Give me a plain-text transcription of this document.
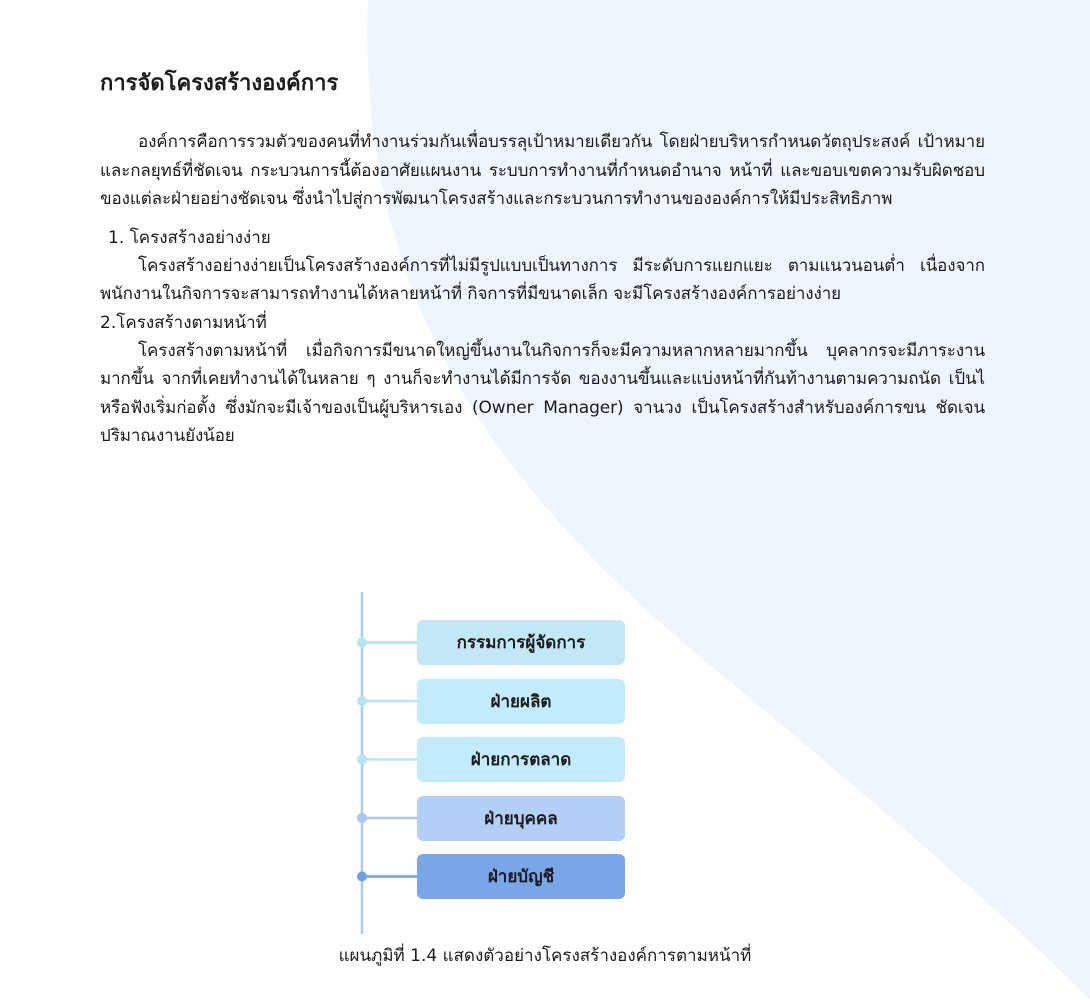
การจัดโครงสร้างองค์การ

องค์การคือการรวมตัวของคนที่ทำงานร่วมกันเพื่อบรรลุเป้าหมายเดียวกัน โดยฝ่ายบริหารกำหนดวัตถุประสงค์ เป้าหมาย และกลยุทธ์ที่ชัดเจน กระบวนการนี้ต้องอาศัยแผนงาน ระบบการทำงานที่กำหนดอำนาจ หน้าที่ และขอบเขตความรับผิดชอบของแต่ละฝ่ายอย่างชัดเจน ซึ่งนำไปสู่การพัฒนาโครงสร้างและกระบวนการทำงานขององค์การให้มีประสิทธิภาพ

1. โครงสร้างอย่างง่าย

โครงสร้างอย่างง่ายเป็นโครงสร้างองค์การที่ไม่มีรูปแบบเป็นทางการ มีระดับการแยกแยะ ตามแนวนอนต่ำ เนื่องจากพนักงานในกิจการจะสามารถทำงานได้หลายหน้าที่ กิจการที่มีขนาดเล็ก จะมีโครงสร้างองค์การอย่างง่าย

2.โครงสร้างตามหน้าที่

โครงสร้างตามหน้าที่ เมื่อกิจการมีขนาดใหญ่ขึ้นงานในกิจการก็จะมีความหลากหลายมากขึ้น บุคลากรจะมีภาระงานมากขึ้น จากที่เคยทำงานได้ในหลาย ๆ งานก็จะทำงานได้มีการจัด ของงานขึ้นและแบ่งหน้าที่กันท้างานตามความถนัด เป็นไ หรือฟังเริ่มก่อตั้ง ซึ่งมักจะมีเจ้าของเป็นผู้บริหารเอง (Owner Manager) จานวง เป็นโครงสร้างสำหรับองค์การขน ชัดเจน ปริมาณงานยังน้อย

กรรมการผู้จัดการ
ฝ่ายผลิต
ฝ่ายการตลาด
ฝ่ายบุคคล
ฝ่ายบัญชี
แผนภูมิที่ 1.4 แสดงตัวอย่างโครงสร้างองค์การตามหน้าที่
